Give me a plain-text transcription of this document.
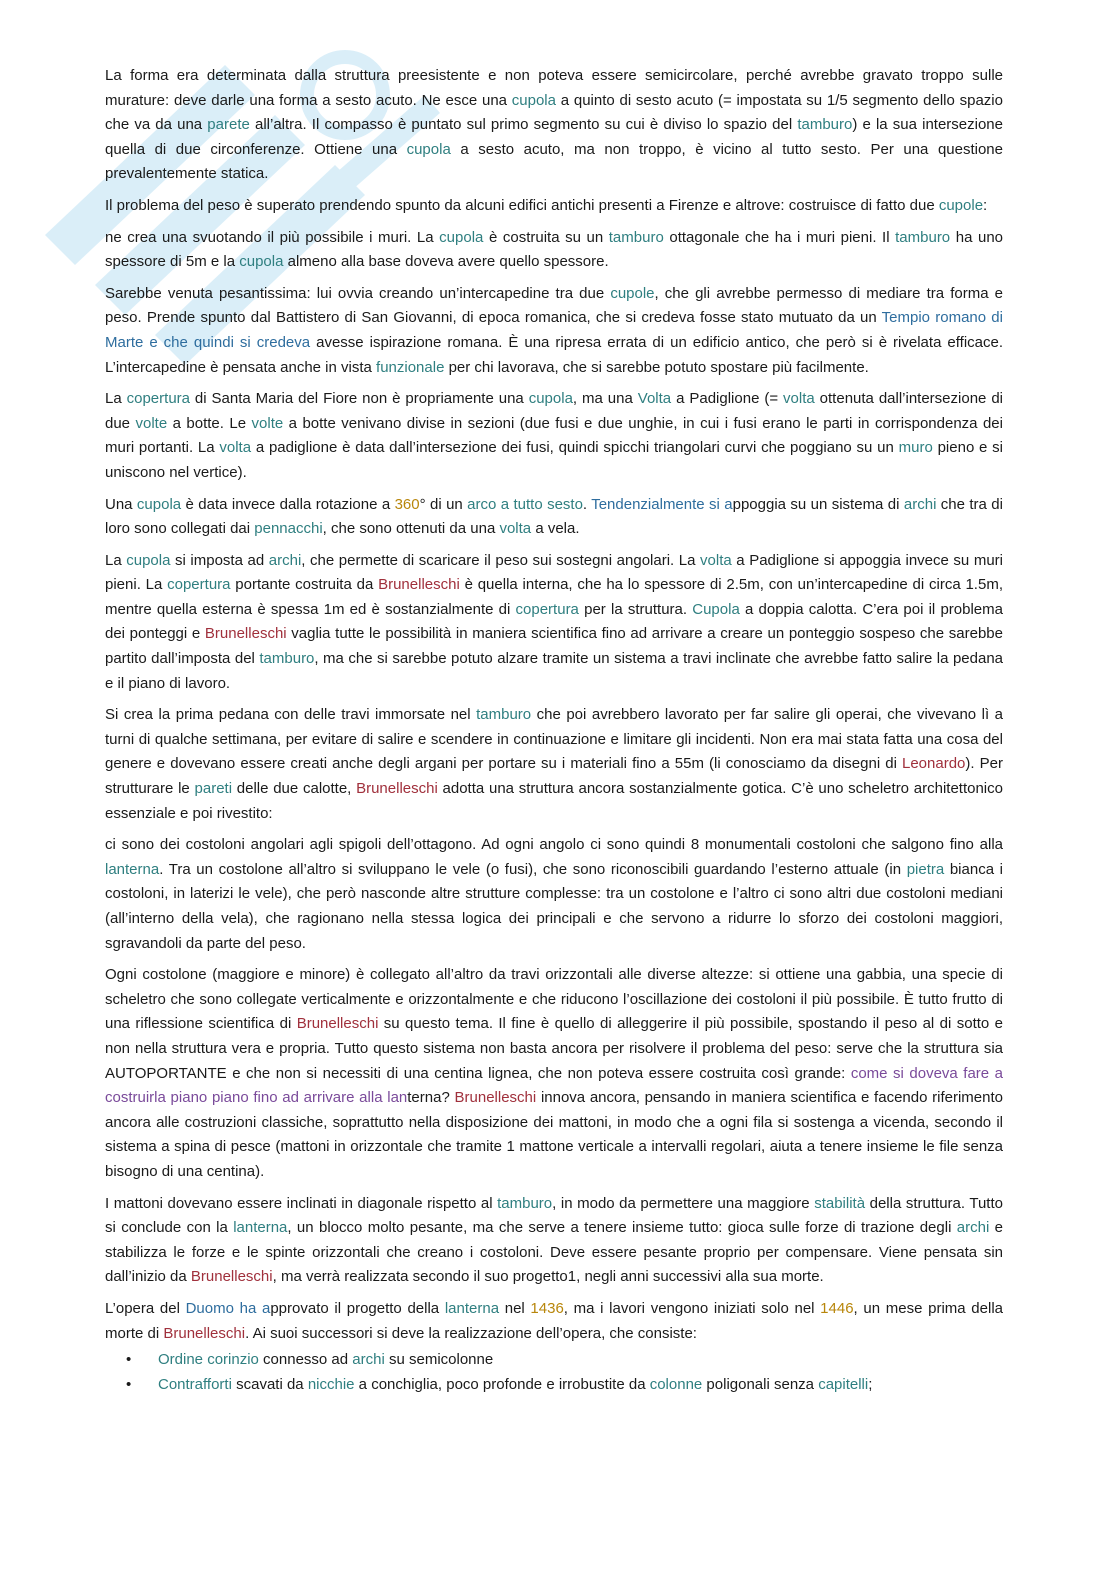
La forma era determinata dalla struttura preesistente e non poteva essere semicircolare, perché avrebbe gravato troppo sulle murature: deve darle una forma a sesto acuto. Ne esce una cupola a quinto di sesto acuto (= impostata su 1/5 segmento dello spazio che va da una parete all’altra. Il compasso è puntato sul primo segmento su cui è diviso lo spazio del tamburo) e la sua intersezione quella di due circonferenze. Ottiene una cupola a sesto acuto, ma non troppo, è vicino al tutto sesto. Per una questione prevalentemente statica.

Il problema del peso è superato prendendo spunto da alcuni edifici antichi presenti a Firenze e altrove: costruisce di fatto due cupole:

ne crea una svuotando il più possibile i muri. La cupola è costruita su un tamburo ottagonale che ha i muri pieni. Il tamburo ha uno spessore di 5m e la cupola almeno alla base doveva avere quello spessore.

Sarebbe venuta pesantissima: lui ovvia creando un’intercapedine tra due cupole, che gli avrebbe permesso di mediare tra forma e peso. Prende spunto dal Battistero di San Giovanni, di epoca romanica, che si credeva fosse stato mutuato da un Tempio romano di Marte e che quindi si credeva avesse ispirazione romana. È una ripresa errata di un edificio antico, che però si è rivelata efficace. L’intercapedine è pensata anche in vista funzionale per chi lavorava, che si sarebbe potuto spostare più facilmente.

La copertura di Santa Maria del Fiore non è propriamente una cupola, ma una Volta a Padiglione (= volta ottenuta dall’intersezione di due volte a botte. Le volte a botte venivano divise in sezioni (due fusi e due unghie, in cui i fusi erano le parti in corrispondenza dei muri portanti. La volta a padiglione è data dall’intersezione dei fusi, quindi spicchi triangolari curvi che poggiano su un muro pieno e si uniscono nel vertice).

Una cupola è data invece dalla rotazione a 360° di un arco a tutto sesto. Tendenzialmente si appoggia su un sistema di archi che tra di loro sono collegati dai pennacchi, che sono ottenuti da una volta a vela.

La cupola si imposta ad archi, che permette di scaricare il peso sui sostegni angolari. La volta a Padiglione si appoggia invece su muri pieni. La copertura portante costruita da Brunelleschi è quella interna, che ha lo spessore di 2.5m, con un’intercapedine di circa 1.5m, mentre quella esterna è spessa 1m ed è sostanzialmente di copertura per la struttura. Cupola a doppia calotta. C’era poi il problema dei ponteggi e Brunelleschi vaglia tutte le possibilità in maniera scientifica fino ad arrivare a creare un ponteggio sospeso che sarebbe partito dall’imposta del tamburo, ma che si sarebbe potuto alzare tramite un sistema a travi inclinate che avrebbe fatto salire la pedana e il piano di lavoro.

Si crea la prima pedana con delle travi immorsate nel tamburo che poi avrebbero lavorato per far salire gli operai, che vivevano lì a turni di qualche settimana, per evitare di salire e scendere in continuazione e limitare gli incidenti. Non era mai stata fatta una cosa del genere e dovevano essere creati anche degli argani per portare su i materiali fino a 55m (li conosciamo da disegni di Leonardo). Per strutturare le pareti delle due calotte, Brunelleschi adotta una struttura ancora sostanzialmente gotica. C’è uno scheletro architettonico essenziale e poi rivestito:

ci sono dei costoloni angolari agli spigoli dell’ottagono. Ad ogni angolo ci sono quindi 8 monumentali costoloni che salgono fino alla lanterna. Tra un costolone all’altro si sviluppano le vele (o fusi), che sono riconoscibili guardando l’esterno attuale (in pietra bianca i costoloni, in laterizi le vele), che però nasconde altre strutture complesse: tra un costolone e l’altro ci sono altri due costoloni mediani (all’interno della vela), che ragionano nella stessa logica dei principali e che servono a ridurre lo sforzo dei costoloni maggiori, sgravandoli da parte del peso.

Ogni costolone (maggiore e minore) è collegato all’altro da travi orizzontali alle diverse altezze: si ottiene una gabbia, una specie di scheletro che sono collegate verticalmente e orizzontalmente e che riducono l’oscillazione dei costoloni il più possibile. È tutto frutto di una riflessione scientifica di Brunelleschi su questo tema. Il fine è quello di alleggerire il più possibile, spostando il peso al di sotto e non nella struttura vera e propria. Tutto questo sistema non basta ancora per risolvere il problema del peso: serve che la struttura sia AUTOPORTANTE e che non si necessiti di una centina lignea, che non poteva essere costruita così grande: come si doveva fare a costruirla piano piano fino ad arrivare alla lanterna? Brunelleschi innova ancora, pensando in maniera scientifica e facendo riferimento ancora alle costruzioni classiche, soprattutto nella disposizione dei mattoni, in modo che a ogni fila si sostenga a vicenda, secondo il sistema a spina di pesce (mattoni in orizzontale che tramite 1 mattone verticale a intervalli regolari, aiuta a tenere insieme le file senza bisogno di una centina).

I mattoni dovevano essere inclinati in diagonale rispetto al tamburo, in modo da permettere una maggiore stabilità della struttura. Tutto si conclude con la lanterna, un blocco molto pesante, ma che serve a tenere insieme tutto: gioca sulle forze di trazione degli archi e stabilizza le forze e le spinte orizzontali che creano i costoloni. Deve essere pesante proprio per compensare. Viene pensata sin dall’inizio da Brunelleschi, ma verrà realizzata secondo il suo progetto1, negli anni successivi alla sua morte.

L’opera del Duomo ha approvato il progetto della lanterna nel 1436, ma i lavori vengono iniziati solo nel 1446, un mese prima della morte di Brunelleschi. Ai suoi successori si deve la realizzazione dell’opera, che consiste:

• Ordine corinzio connesso ad archi su semicolonne
• Contrafforti scavati da nicchie a conchiglia, poco profonde e irrobustite da colonne poligonali senza capitelli;
